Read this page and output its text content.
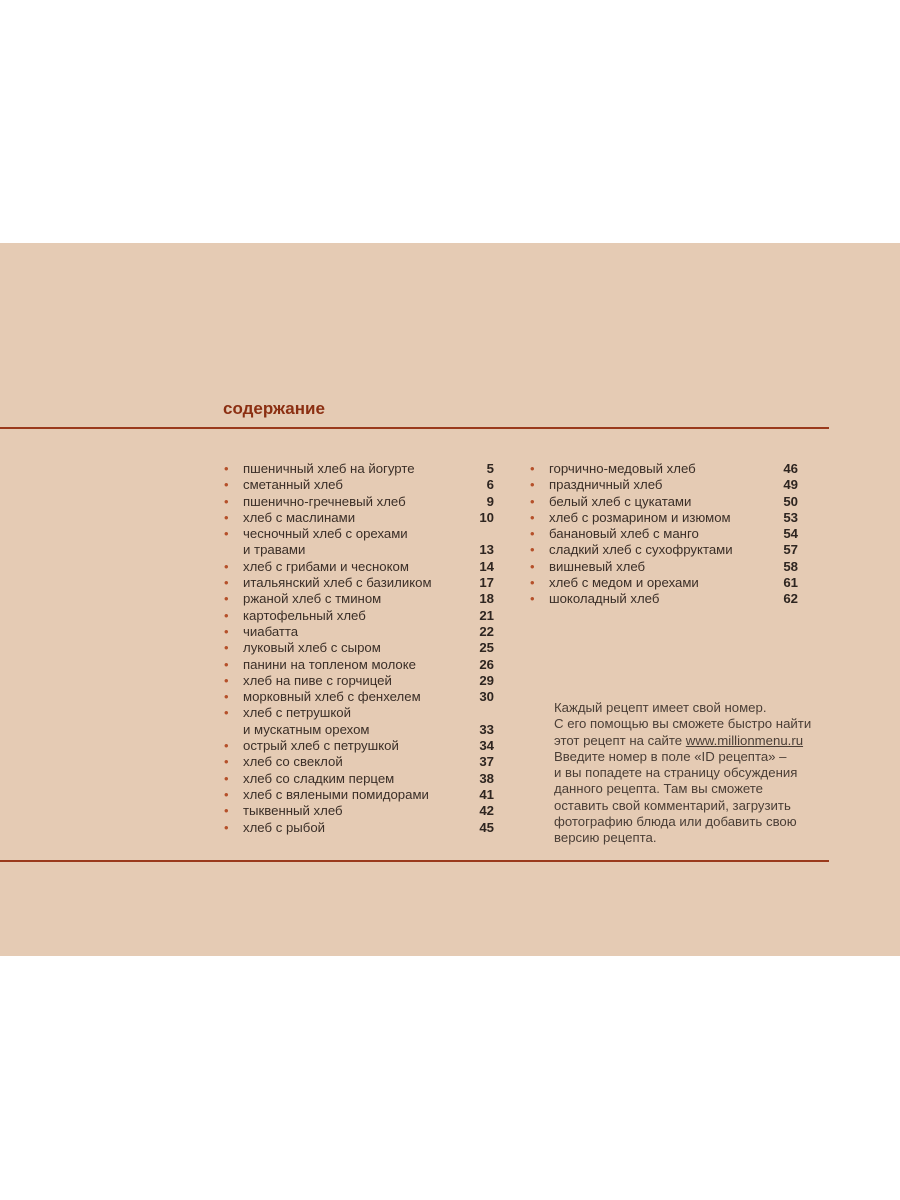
содержание
• пшеничный хлеб на йогурте	5
• сметанный хлеб	6
• пшенично-гречневый хлеб	9
• хлеб с маслинами	10
• чесночный хлеб с орехами
и травами	13
• хлеб с грибами и чесноком	14
• итальянский хлеб с базиликом	17
• ржаной хлеб с тмином	18
• картофельный хлеб	21
• чиабатта	22
• луковый хлеб с сыром	25
• панини на топленом молоке	26
• хлеб на пиве с горчицей	29
• морковный хлеб с фенхелем	30
• хлеб с петрушкой
и мускатным орехом	33
• острый хлеб с петрушкой	34
• хлеб со свеклой	37
• хлеб со сладким перцем	38
• хлеб с вялеными помидорами	41
• тыквенный хлеб	42
• хлеб с рыбой	45
• горчично-медовый хлеб	46
• праздничный хлеб	49
• белый хлеб с цукатами	50
• хлеб с розмарином и изюмом	53
• банановый хлеб с манго	54
• сладкий хлеб с сухофруктами	57
• вишневый хлеб	58
• хлеб с медом и орехами	61
• шоколадный хлеб	62
Каждый рецепт имеет свой номер.
С его помощью вы сможете быстро найти
этот рецепт на сайте www.millionmenu.ru
Введите номер в поле «ID рецепта» –
и вы попадете на страницу обсуждения
данного рецепта. Там вы сможете
оставить свой комментарий, загрузить
фотографию блюда или добавить свою
версию рецепта.
